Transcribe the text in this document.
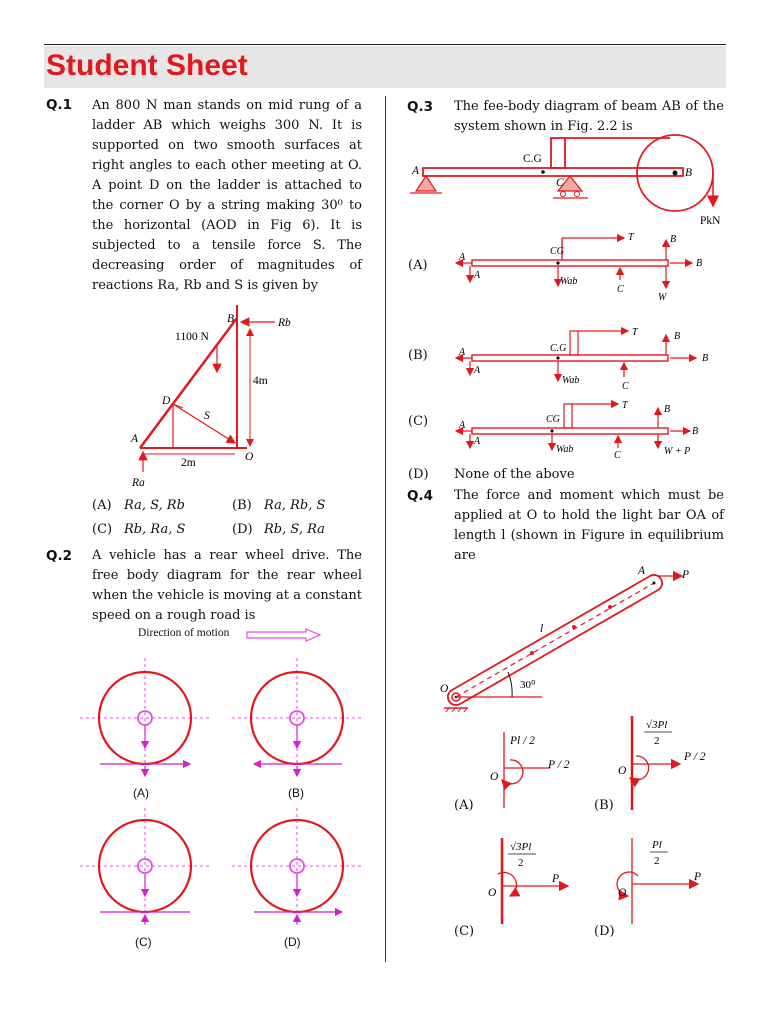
Student Sheet
Q.1 An 800 N man stands on mid rung of a ladder AB which weighs 300 N. It is supported on two smooth surfaces at right angles to each other meeting at O. A point D on the ladder is attached to the corner O by a string making 30⁰ to the horizontal (AOD in Fig 6). It is subjected to a tensile force S. The decreasing order of magnitudes of reactions Ra, Rb and S is given by
1100 N
B	Rb
4m
D
S
A
2m	O
Ra
(A) Ra, S, Rb	(B) Ra, Rb, S
(C) Rb, Ra, S	(D) Rb, S, Ra
Q.2 A vehicle has a rear wheel drive. The free body diagram for the rear wheel when the vehicle is moving at a constant speed on a rough road is
Direction of motion
(A)	(B)
(C)	(D)
Q.3 The fee-body diagram of beam AB of the system shown in Fig. 2.2 is
A
C.G
C
B
PkN
(A)
CG
T
A
A
Wab
C
B
B
W
(B)	C.G
T
A
A
Wab
C
B
B
(C)	CG
T
A
A
Wab
C
B
B
W + P
(D) None of the above
Q.4 The force and moment which must be applied at O to hold the light bar OA of length l (shown in Figure in equilibrium are
A	P
l
O	30⁰
Pl / 2
P / 2
O
(A)
√3Pl
2
P / 2
O
(B)
√3Pl
2
P
O
(C)
Pl
2
P
O
(D)
